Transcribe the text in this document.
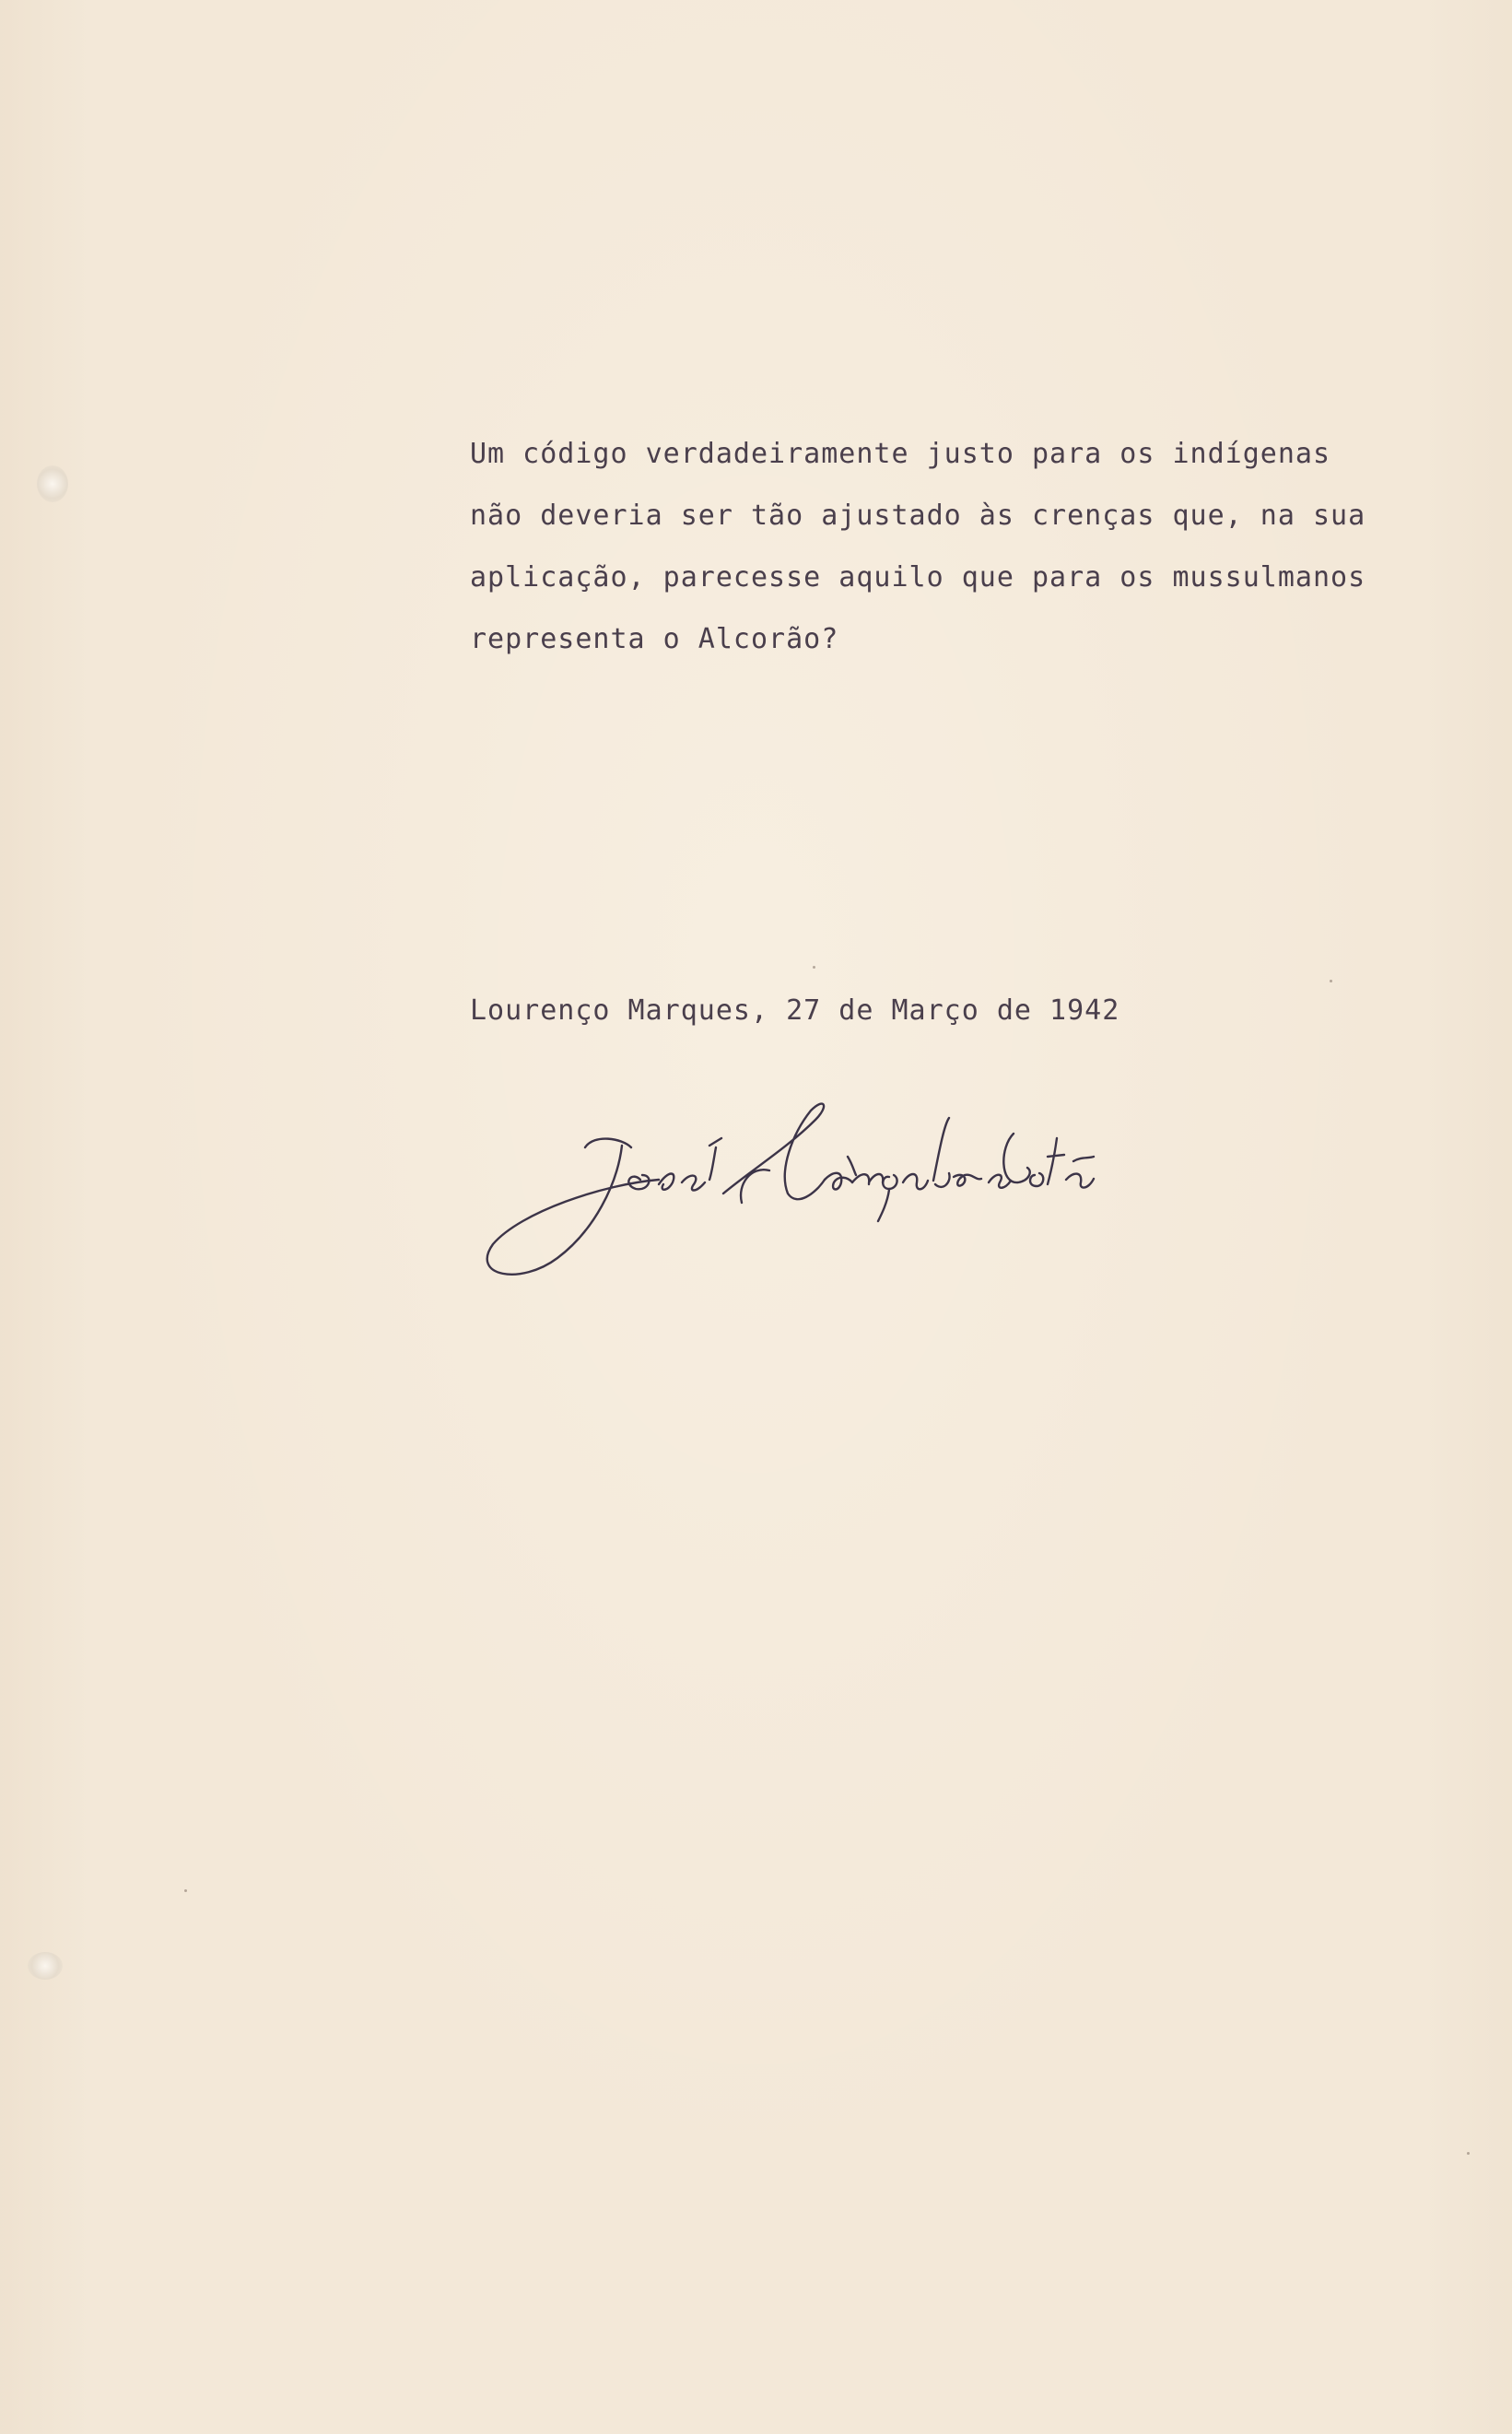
Um código verdadeiramente justo para os indígenas
não deveria ser tão ajustado às crenças que, na sua
aplicação, parecesse aquilo que para os mussulmanos
representa o Alcorão?
Lourenço Marques, 27 de Março de 1942
